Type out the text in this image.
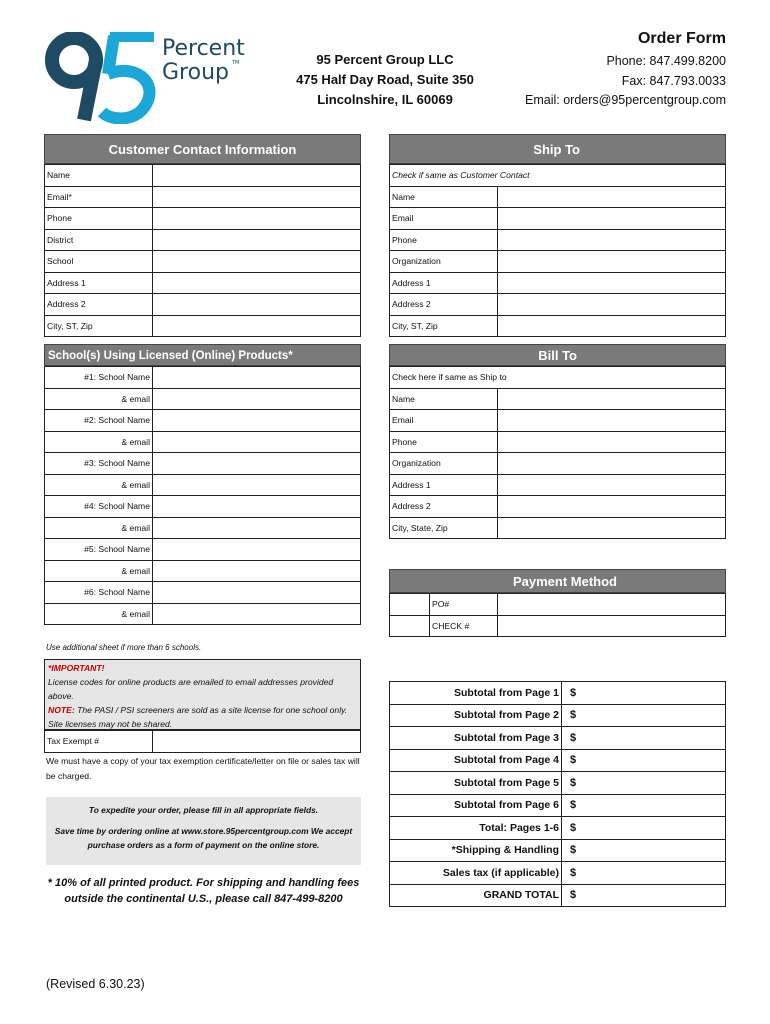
Percent
Group TM	95 Percent Group LLC
475 Half Day Road, Suite 350
Lincolnshire, IL 60069
Order Form
Phone: 847.499.8200
Fax: 847.793.0033
Email: orders@95percentgroup.com
Customer Contact Information
Name	
Email*	
Phone	
District	
School	
Address 1	
Address 2	
City, ST, Zip	
Ship To
Check if same as Customer Contact	
Name	
Email	
Phone	
Organization	
Address 1	
Address 2	
City, ST, Zip	
School(s) Using Licensed (Online) Products*
#1: School Name	
& email	
#2: School Name	
& email	
#3: School Name	
& email	
#4: School Name	
& email	
#5: School Name	
& email	
#6: School Name	
& email	
Use additional sheet if more than 6 schools.
Bill To
Check here if same as Ship to	
Name	
Email	
Phone	
Organization	
Address 1	
Address 2	
City, State, Zip	
Payment Method
	PO#	
	CHECK #	
*IMPORTANT!
License codes for online products are emailed to email addresses provided above.
NOTE: The PASI / PSI screeners are sold as a site license for one school only. Site licenses may not be shared.
Tax Exempt #	
We must have a copy of your tax exemption certificate/letter on file or sales tax will be charged.
To expedite your order, please fill in all appropriate fields.
Save time by ordering online at www.store.95percentgroup.com We accept purchase orders as a form of payment on the online store.
* 10% of all printed product. For shipping and handling fees outside the continental U.S., please call 847-499-8200
(Revised 6.30.23)
Subtotal from Page 1	$
Subtotal from Page 2	$
Subtotal from Page 3	$
Subtotal from Page 4	$
Subtotal from Page 5	$
Subtotal from Page 6	$
Total: Pages 1-6	$
*Shipping & Handling	$
Sales tax (if applicable)	$
GRAND TOTAL	$
